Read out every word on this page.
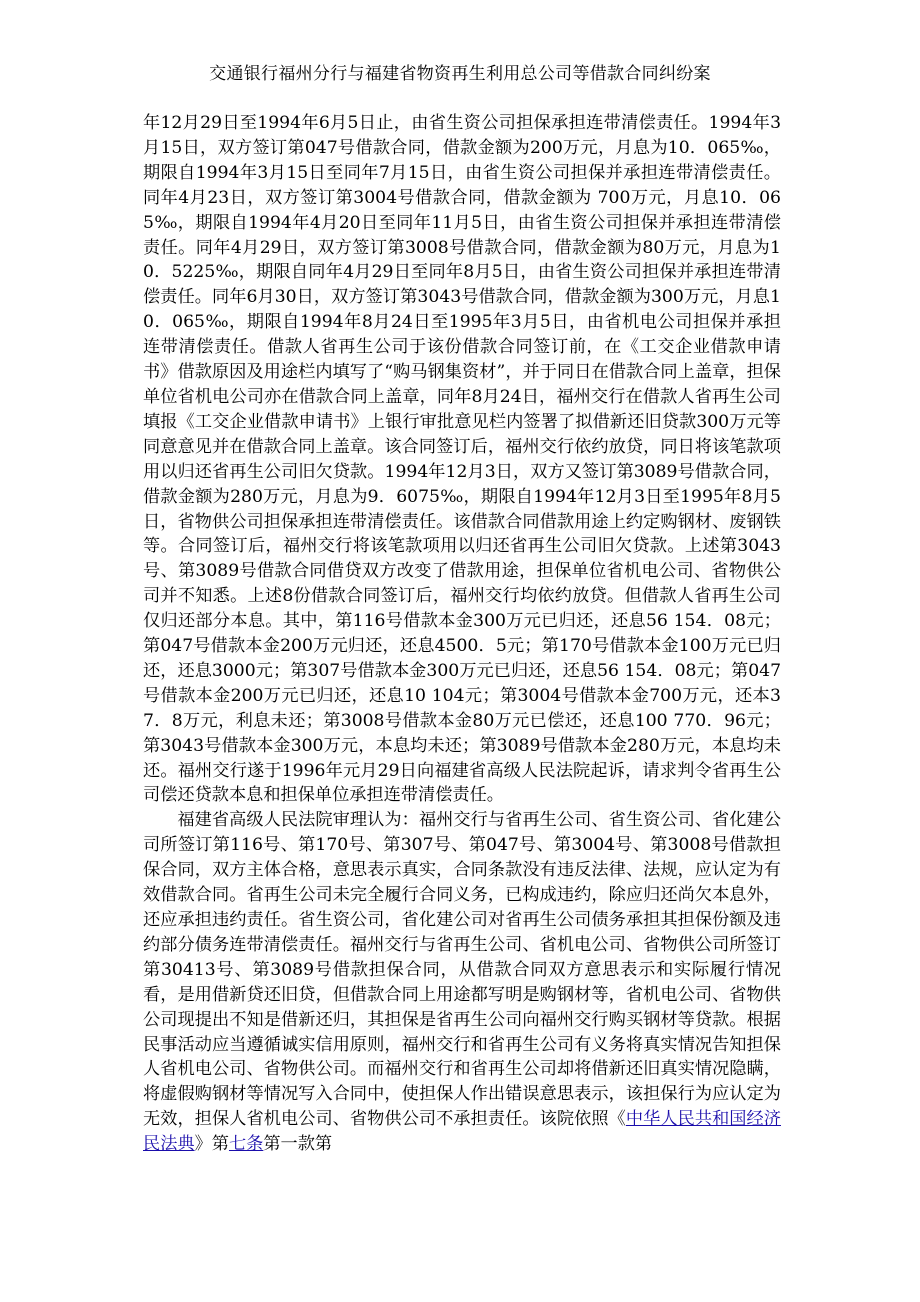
交通银行福州分行与福建省物资再生利用总公司等借款合同纠纷案

年12月29日至1994年6月5日止，由省生资公司担保承担连带清偿责任。1994年3月15日，双方签订第047号借款合同，借款金额为200万元，月息为10．065‰，期限自1994年3月15日至同年7月15日，由省生资公司担保并承担连带清偿责任。同年4月23日，双方签订第3004号借款合同，借款金额为 700万元，月息10．065‰，期限自1994年4月20日至同年11月5日，由省生资公司担保并承担连带清偿责任。同年4月29日，双方签订第3008号借款合同，借款金额为80万元，月息为10．5225‰，期限自同年4月29日至同年8月5日，由省生资公司担保并承担连带清偿责任。同年6月30日，双方签订第3043号借款合同，借款金额为300万元，月息10．065‰，期限自1994年8月24日至1995年3月5日，由省机电公司担保并承担连带清偿责任。借款人省再生公司于该份借款合同签订前，在《工交企业借款申请书》借款原因及用途栏内填写了“购马钢集资材”，并于同日在借款合同上盖章，担保单位省机电公司亦在借款合同上盖章，同年8月24日，福州交行在借款人省再生公司填报《工交企业借款申请书》上银行审批意见栏内签署了拟借新还旧贷款300万元等同意意见并在借款合同上盖章。该合同签订后，福州交行依约放贷，同日将该笔款项用以归还省再生公司旧欠贷款。1994年12月3日，双方又签订第3089号借款合同，借款金额为280万元，月息为9．6075‰，期限自1994年12月3日至1995年8月5日，省物供公司担保承担连带清偿责任。该借款合同借款用途上约定购钢材、废钢铁等。合同签订后，福州交行将该笔款项用以归还省再生公司旧欠贷款。上述第3043号、第3089号借款合同借贷双方改变了借款用途，担保单位省机电公司、省物供公司并不知悉。上述8份借款合同签订后，福州交行均依约放贷。但借款人省再生公司仅归还部分本息。其中，第116号借款本金300万元已归还，还息56 154．08元；第047号借款本金200万元归还，还息4500．5元；第170号借款本金100万元已归还，还息3000元；第307号借款本金300万元已归还，还息56 154．08元；第047号借款本金200万元已归还，还息10 104元；第3004号借款本金700万元，还本37．8万元，利息未还；第3008号借款本金80万元已偿还，还息100 770．96元；第3043号借款本金300万元，本息均未还；第3089号借款本金280万元，本息均未还。福州交行遂于1996年元月29日向福建省高级人民法院起诉，请求判令省再生公司偿还贷款本息和担保单位承担连带清偿责任。

福建省高级人民法院审理认为：福州交行与省再生公司、省生资公司、省化建公司所签订第116号、第170号、第307号、第047号、第3004号、第3008号借款担保合同，双方主体合格，意思表示真实，合同条款没有违反法律、法规，应认定为有效借款合同。省再生公司未完全履行合同义务，已构成违约，除应归还尚欠本息外，还应承担违约责任。省生资公司，省化建公司对省再生公司债务承担其担保份额及违约部分债务连带清偿责任。福州交行与省再生公司、省机电公司、省物供公司所签订第30413号、第3089号借款担保合同，从借款合同双方意思表示和实际履行情况看，是用借新贷还旧贷，但借款合同上用途都写明是购钢材等，省机电公司、省物供公司现提出不知是借新还归，其担保是省再生公司向福州交行购买钢材等贷款。根据民事活动应当遵循诚实信用原则，福州交行和省再生公司有义务将真实情况告知担保人省机电公司、省物供公司。而福州交行和省再生公司却将借新还旧真实情况隐瞒，将虚假购钢材等情况写入合同中，使担保人作出错误意思表示，该担保行为应认定为无效，担保人省机电公司、省物供公司不承担责任。该院依照《中华人民共和国经济民法典》第七条第一款第
